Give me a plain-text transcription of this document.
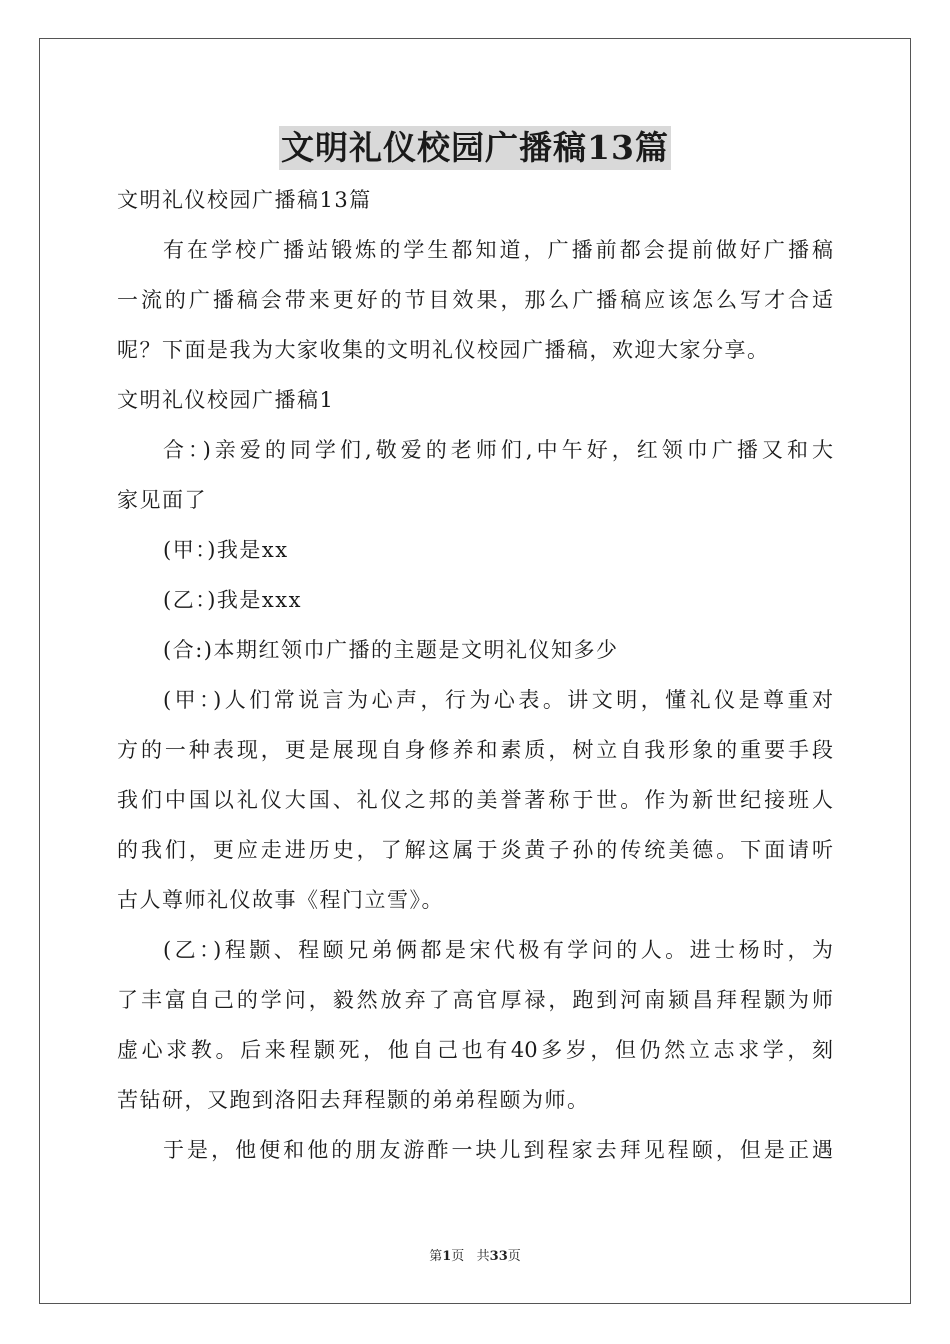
文明礼仪校园广播稿13篇
文明礼仪校园广播稿13篇
有在学校广播站锻炼的学生都知道，广播前都会提前做好广播稿
一流的广播稿会带来更好的节目效果，那么广播稿应该怎么写才合适
呢？下面是我为大家收集的文明礼仪校园广播稿，欢迎大家分享。
文明礼仪校园广播稿1
合：)亲爱的同学们,敬爱的老师们,中午好，红领巾广播又和大
家见面了
(甲：)我是xx
(乙：)我是xxx
(合:)本期红领巾广播的主题是文明礼仪知多少
(甲：)人们常说言为心声，行为心表。讲文明，懂礼仪是尊重对
方的一种表现，更是展现自身修养和素质，树立自我形象的重要手段
我们中国以礼仪大国、礼仪之邦的美誉著称于世。作为新世纪接班人
的我们，更应走进历史，了解这属于炎黄子孙的传统美德。下面请听
古人尊师礼仪故事《程门立雪》。
(乙：)程颢、程颐兄弟俩都是宋代极有学问的人。进士杨时，为
了丰富自己的学问，毅然放弃了高官厚禄，跑到河南颍昌拜程颢为师
虚心求教。后来程颢死，他自己也有40多岁，但仍然立志求学，刻
苦钻研，又跑到洛阳去拜程颢的弟弟程颐为师。
于是，他便和他的朋友游酢一块儿到程家去拜见程颐，但是正遇
第1页   共33页
